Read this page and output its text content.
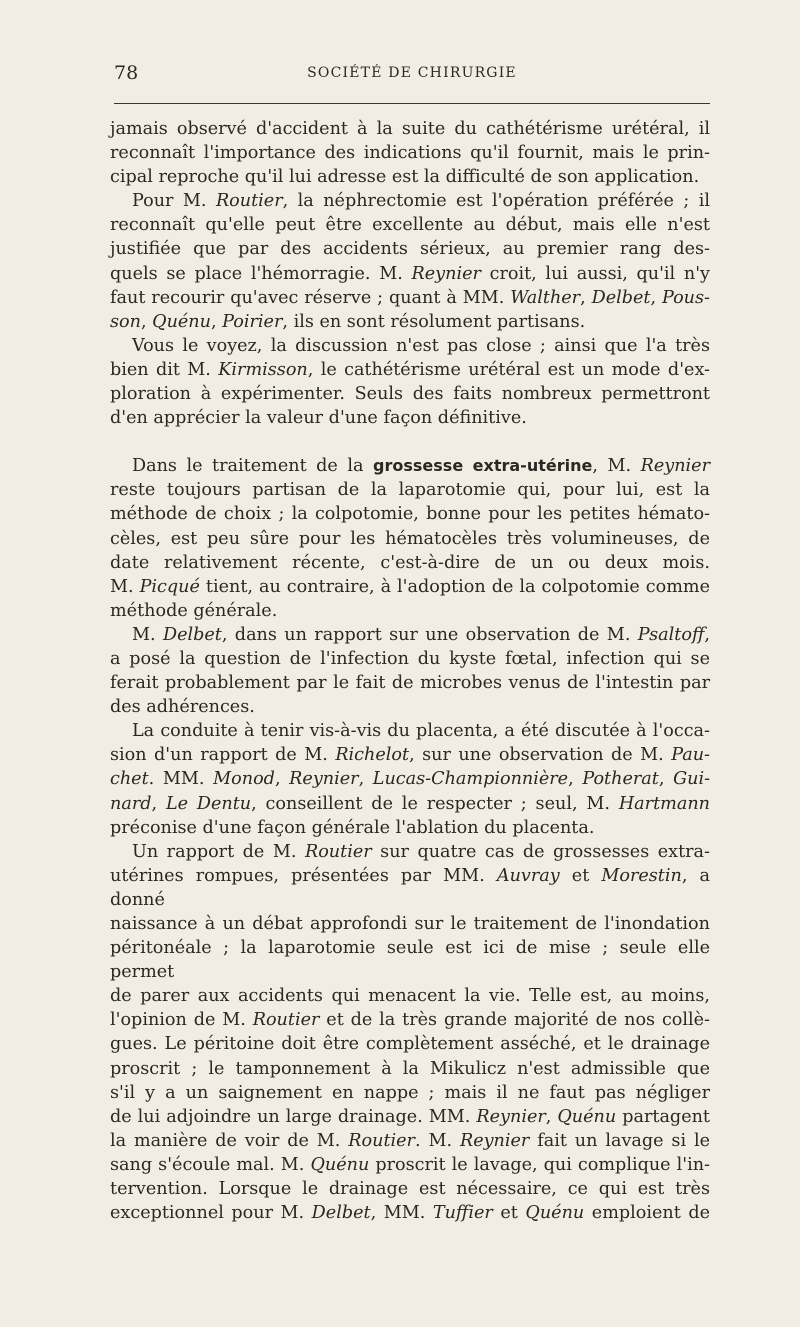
78	SOCIÉTÉ DE CHIRURGIE

jamais observé d'accident à la suite du cathétérisme urétéral, il

reconnaît l'importance des indications qu'il fournit, mais le prin-

cipal reproche qu'il lui adresse est la difficulté de son application.

Pour M. Routier, la néphrectomie est l'opération préférée ; il

reconnaît qu'elle peut être excellente au début, mais elle n'est

justifiée que par des accidents sérieux, au premier rang des-

quels se place l'hémorragie. M. Reynier croit, lui aussi, qu'il n'y

faut recourir qu'avec réserve ; quant à MM. Walther, Delbet, Pous-

son, Quénu, Poirier, ils en sont résolument partisans.

Vous le voyez, la discussion n'est pas close ; ainsi que l'a très

bien dit M. Kirmisson, le cathétérisme urétéral est un mode d'ex-

ploration à expérimenter. Seuls des faits nombreux permettront

d'en apprécier la valeur d'une façon définitive.

Dans le traitement de la grossesse extra-utérine, M. Reynier

reste toujours partisan de la laparotomie qui, pour lui, est la

méthode de choix ; la colpotomie, bonne pour les petites hémato-

cèles, est peu sûre pour les hématocèles très volumineuses, de

date relativement récente, c'est-à-dire de un ou deux mois.

M. Picqué tient, au contraire, à l'adoption de la colpotomie comme

méthode générale.

M. Delbet, dans un rapport sur une observation de M. Psaltoff,

a posé la question de l'infection du kyste fœtal, infection qui se

ferait probablement par le fait de microbes venus de l'intestin par

des adhérences.

La conduite à tenir vis-à-vis du placenta, a été discutée à l'occa-

sion d'un rapport de M. Richelot, sur une observation de M. Pau-

chet. MM. Monod, Reynier, Lucas-Championnière, Potherat, Gui-

nard, Le Dentu, conseillent de le respecter ; seul, M. Hartmann

préconise d'une façon générale l'ablation du placenta.

Un rapport de M. Routier sur quatre cas de grossesses extra-

utérines rompues, présentées par MM. Auvray et Morestin, a donné

naissance à un débat approfondi sur le traitement de l'inondation

péritonéale ; la laparotomie seule est ici de mise ; seule elle permet

de parer aux accidents qui menacent la vie. Telle est, au moins,

l'opinion de M. Routier et de la très grande majorité de nos collè-

gues. Le péritoine doit être complètement asséché, et le drainage

proscrit ; le tamponnement à la Mikulicz n'est admissible que

s'il y a un saignement en nappe ; mais il ne faut pas négliger

de lui adjoindre un large drainage. MM. Reynier, Quénu partagent

la manière de voir de M. Routier. M. Reynier fait un lavage si le

sang s'écoule mal. M. Quénu proscrit le lavage, qui complique l'in-

tervention. Lorsque le drainage est nécessaire, ce qui est très

exceptionnel pour M. Delbet, MM. Tuffier et Quénu emploient de
